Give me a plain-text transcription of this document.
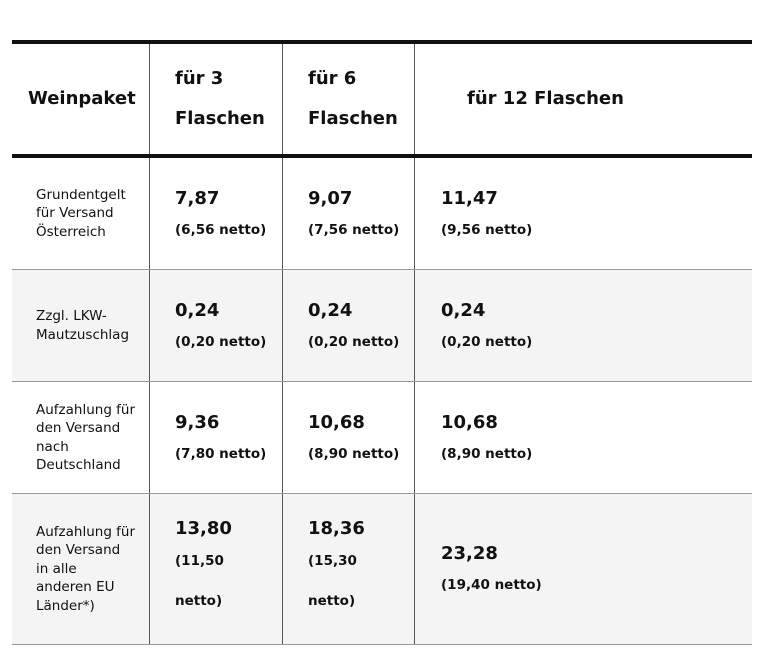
Weinpaket
für 3 Flaschen
für 6 Flaschen
für 12 Flaschen
Grundentgelt für Versand Österreich
7,87
(6,56 netto)
9,07
(7,56 netto)
11,47
(9,56 netto)
Zzgl. LKW-Mautzuschlag
0,24
(0,20 netto)
0,24
(0,20 netto)
0,24
(0,20 netto)
Aufzahlung für den Versand nach Deutschland
9,36
(7,80 netto)
10,68
(8,90 netto)
10,68
(8,90 netto)
Aufzahlung für den Versand in alle anderen EU Länder*)
13,80
(11,50 netto)
18,36
(15,30 netto)
23,28
(19,40 netto)
